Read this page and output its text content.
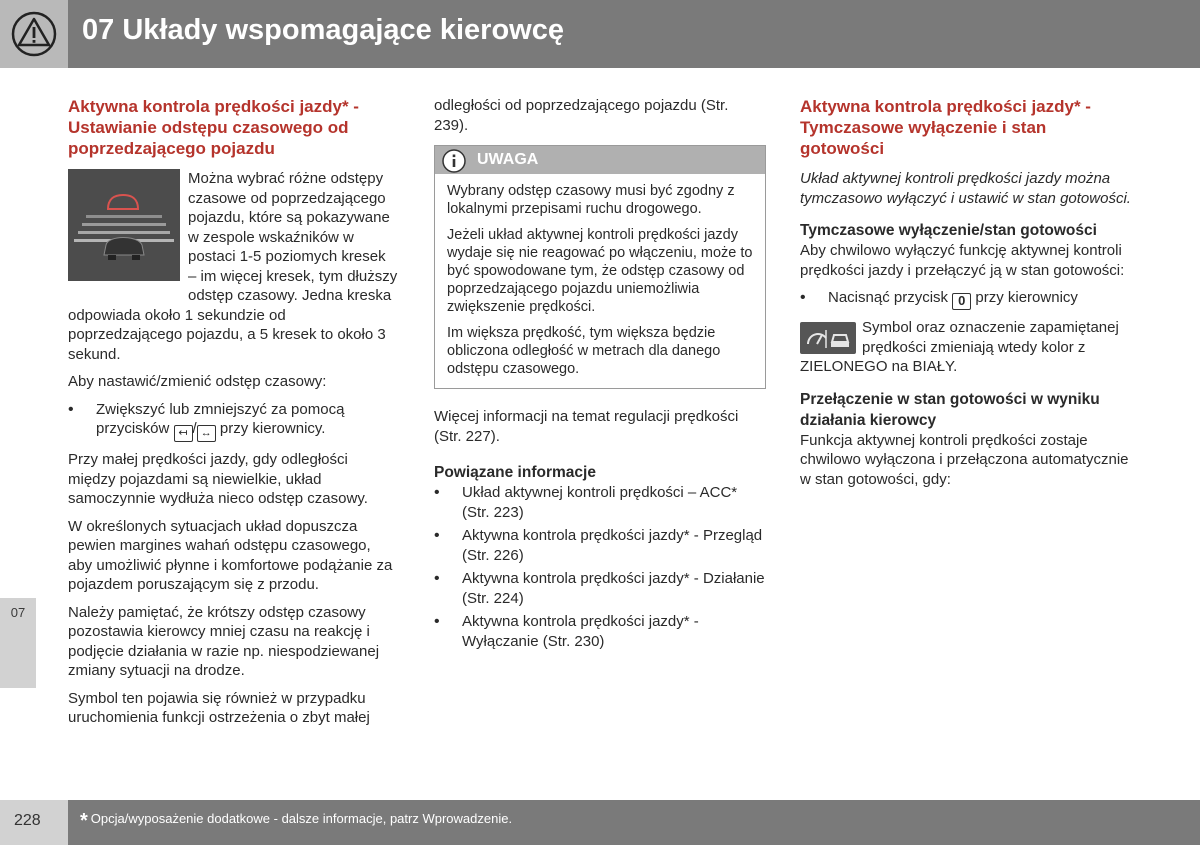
07 Układy wspomagające kierowcę
07
Aktywna kontrola prędkości jazdy* - Ustawianie odstępu czasowego od poprzedzającego pojazdu

Można wybrać różne odstępy czasowe od poprzedzającego pojazdu, które są pokazywane w zespole wskaźników w postaci 1-5 poziomych kresek – im więcej kresek, tym dłuższy odstęp czasowy. Jedna kreska odpowiada około 1 sekundzie od poprzedzającego pojazdu, a 5 kresek to około 3 sekund.

Aby nastawić/zmienić odstęp czasowy:

• Zwiększyć lub zmniejszyć za pomocą przycisków ↤ / ↔ przy kierownicy.

Przy małej prędkości jazdy, gdy odległości między pojazdami są niewielkie, układ samoczynnie wydłuża nieco odstęp czasowy.

W określonych sytuacjach układ dopuszcza pewien margines wahań odstępu czasowego, aby umożliwić płynne i komfortowe podążanie za pojazdem poruszającym się z przodu.

Należy pamiętać, że krótszy odstęp czasowy pozostawia kierowcy mniej czasu na reakcję i podjęcie działania w razie np. niespodziewanej zmiany sytuacji na drodze.

Symbol ten pojawia się również w przypadku uruchomienia funkcji ostrzeżenia o zbyt małej

odległości od poprzedzającego pojazdu (Str. 239).

UWAGA

Wybrany odstęp czasowy musi być zgodny z lokalnymi przepisami ruchu drogowego.

Jeżeli układ aktywnej kontroli prędkości jazdy wydaje się nie reagować po włączeniu, może to być spowodowane tym, że odstęp czasowy od poprzedzającego pojazdu uniemożliwia zwiększenie prędkości.

Im większa prędkość, tym większa będzie obliczona odległość w metrach dla danego odstępu czasowego.

Więcej informacji na temat regulacji prędkości (Str. 227).

Powiązane informacje
• Układ aktywnej kontroli prędkości – ACC* (Str. 223)
• Aktywna kontrola prędkości jazdy* - Przegląd (Str. 226)
• Aktywna kontrola prędkości jazdy* - Działanie (Str. 224)
• Aktywna kontrola prędkości jazdy* - Wyłączanie (Str. 230)
Aktywna kontrola prędkości jazdy* - Tymczasowe wyłączenie i stan gotowości

Układ aktywnej kontroli prędkości jazdy można tymczasowo wyłączyć i ustawić w stan gotowości.

Tymczasowe wyłączenie/stan gotowości

Aby chwilowo wyłączyć funkcję aktywnej kontroli prędkości jazdy i przełączyć ją w stan gotowości:

• Nacisnąć przycisk 0 przy kierownicy
Symbol oraz oznaczenie zapamiętanej prędkości zmieniają wtedy kolor z ZIELONEGO na BIAŁY.
Przełączenie w stan gotowości w wyniku działania kierowcy

Funkcja aktywnej kontroli prędkości zostaje chwilowo wyłączona i przełączona automatycznie w stan gotowości, gdy:

228 * Opcja/wyposażenie dodatkowe - dalsze informacje, patrz Wprowadzenie.
